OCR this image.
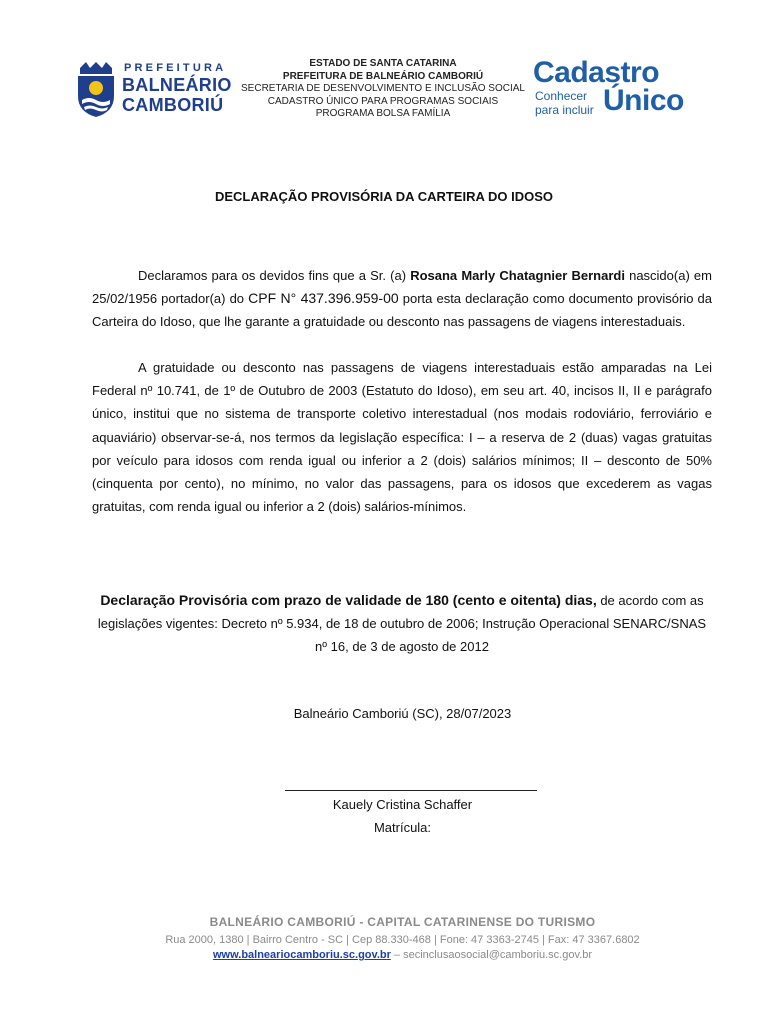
PREFEITURA
BALNEÁRIO
CAMBORIÚ
ESTADO DE SANTA CATARINA
PREFEITURA DE BALNEÁRIO CAMBORIÚ
SECRETARIA DE DESENVOLVIMENTO E INCLUSÃO SOCIAL
CADASTRO ÚNICO PARA PROGRAMAS SOCIAIS
PROGRAMA BOLSA FAMÍLIA
Cadastro
Único
Conhecer
para incluir
DECLARAÇÃO PROVISÓRIA DA CARTEIRA DO IDOSO
Declaramos para os devidos fins que a Sr. (a) Rosana Marly Chatagnier Bernardi nascido(a) em 25/02/1956 portador(a) do CPF N° 437.396.959-00 porta esta declaração como documento provisório da Carteira do Idoso, que lhe garante a gratuidade ou desconto nas passagens de viagens interestaduais.
A gratuidade ou desconto nas passagens de viagens interestaduais estão amparadas na Lei Federal nº 10.741, de 1º de Outubro de 2003 (Estatuto do Idoso), em seu art. 40, incisos II, II e parágrafo único, institui que no sistema de transporte coletivo interestadual (nos modais rodoviário, ferroviário e aquaviário) observar-se-á, nos termos da legislação específica: I – a reserva de 2 (duas) vagas gratuitas por veículo para idosos com renda igual ou inferior a 2 (dois) salários mínimos; II – desconto de 50% (cinquenta por cento), no mínimo, no valor das passagens, para os idosos que excederem as vagas gratuitas, com renda igual ou inferior a 2 (dois) salários-mínimos.
Declaração Provisória com prazo de validade de 180 (cento e oitenta) dias, de acordo com as legislações vigentes: Decreto nº 5.934, de 18 de outubro de 2006; Instrução Operacional SENARC/SNAS nº 16, de 3 de agosto de 2012
Balneário Camboriú (SC), 28/07/2023
Kauely Cristina Schaffer
Matrícula:
BALNEÁRIO CAMBORIÚ - CAPITAL CATARINENSE DO TURISMO
Rua 2000, 1380 | Bairro Centro - SC | Cep 88.330-468 | Fone: 47 3363-2745 | Fax: 47 3367.6802
www.balneariocamboriu.sc.gov.br – secinclusaosocial@camboriu.sc.gov.br
